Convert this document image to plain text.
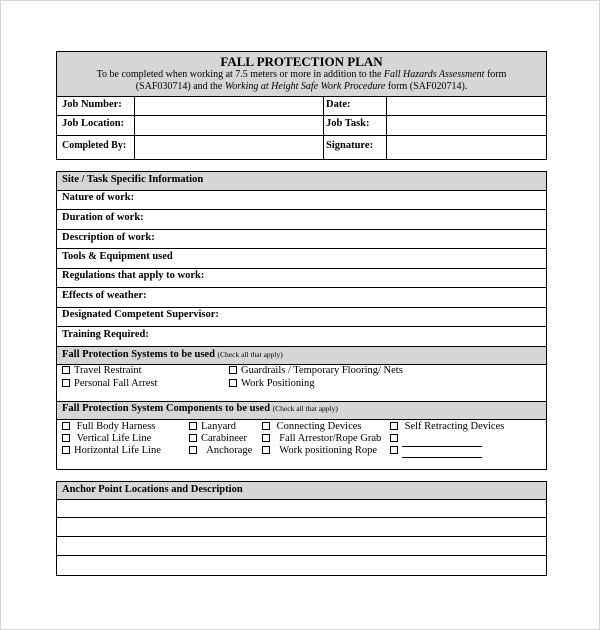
FALL PROTECTION PLAN
To be completed when working at 7.5 meters or more in addition to the Fall Hazards Assessment form
(SAF030714) and the Working at Height Safe Work Procedure form (SAF020714).
Job Number:	Date:
Job Location:	Job Task:
Completed By:	Signature:
Site / Task Specific Information
Nature of work:
Duration of work:
Description of work:
Tools & Equipment used
Regulations that apply to work:
Effects of weather:
Designated Competent Supervisor:
Training Required:
Fall Protection Systems to be used (Check all that apply)
Travel Restraint	Guardrails / Temporary Flooring/ Nets
Personal Fall Arrest	Work Positioning
Fall Protection System Components to be used (Check all that apply)
Full Body Harness	Lanyard	Connecting Devices	Self Retracting Devices
Vertical Life Line	Carabineer	Fall Arrestor/Rope Grab
Horizontal Life Line	Anchorage	Work positioning Rope
Anchor Point Locations and Description
